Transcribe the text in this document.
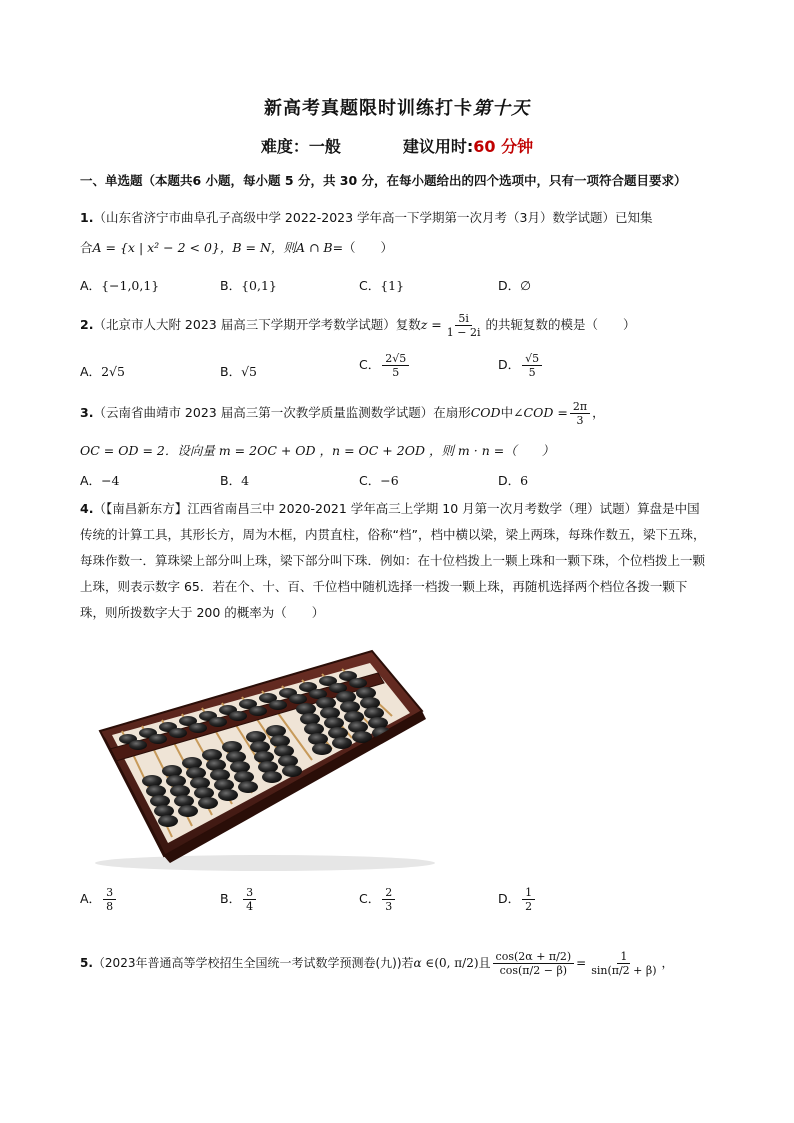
新高考真题限时训练打卡第十天
难度：一般	建议用时:60 分钟
一、单选题（本题共6 小题，每小题 5 分，共 30 分，在每小题给出的四个选项中，只有一项符合题目要求）
1.（山东省济宁市曲阜孔子高级中学 2022-2023 学年高一下学期第一次月考（3月）数学试题）已知集
合A = {x | x² − 2 < 0}，B = N，则A ∩ B=（　　）
A．{−1,0,1}	B．{0,1}	C．{1}	D．∅
2.（北京市人大附 2023 届高三下学期开学考数学试题）复数$z = \frac{5i}{1 - 2i}$ 的共轭复数的模是（　　）
A．2√5	B．√5	C． $\frac{2√5}{5}$	D． $\frac{√5}{5}$
3.（云南省曲靖市 2023 届高三第一次教学质量监测数学试题）在扇形COD中∠COD = $\frac{2\pi}{3}$ ，
OC = OD = 2．设向量 m = 2OC + OD ，n = OC + 2OD ，则 m · n =（　　）
A．−4	B．4	C．−6	D．6
4.（【南昌新东方】江西省南昌三中 2020-2021 学年高三上学期 10 月第一次月考数学（理）试题）算盘是中国传统的计算工具，其形长方，周为木框，内贯直柱，俗称“档”，档中横以梁，梁上两珠，每珠作数五，梁下五珠，每珠作数一．算珠梁上部分叫上珠，梁下部分叫下珠．例如：在十位档拨上一颗上珠和一颗下珠，个位档拨上一颗上珠，则表示数字 65．若在个、十、百、千位档中随机选择一档拨一颗上珠，再随机选择两个档位各拨一颗下珠，则所拨数字大于 200 的概率为（　　）
A． $\frac{3}{8}$	B． $\frac{3}{4}$	C． $\frac{2}{3}$	D． $\frac{1}{2}$
5.（2023年普通高等学校招生全国统一考试数学预测卷(九))若α ∈(0, π/2)且 $\frac{\cos(2\alpha + \pi/2)}{\cos(\pi/2 - \beta)} = \frac{1}{\sin(\pi/2 + \beta)}$ ，
